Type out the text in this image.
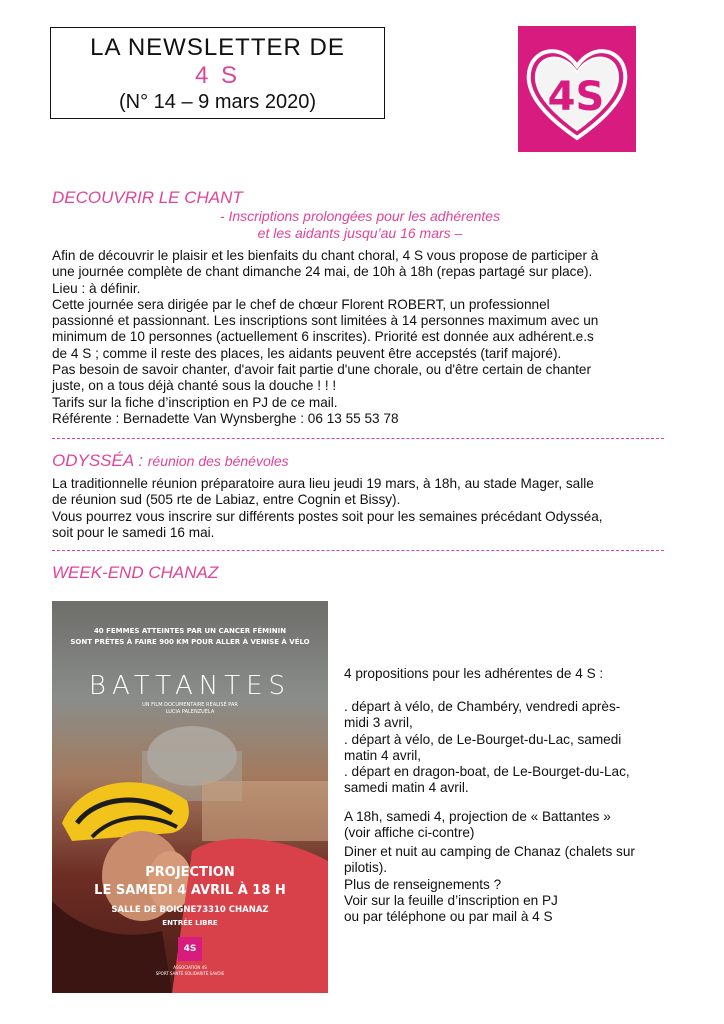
LA NEWSLETTER DE
4 S
(N° 14 – 9 mars 2020)	4S
DECOUVRIR LE CHANT
- Inscriptions prolongées pour les adhérentes
et les aidants jusqu’au 16 mars –
Afin de découvrir le plaisir et les bienfaits du chant choral, 4 S vous propose de participer à
une journée complète de chant dimanche 24 mai, de 10h à 18h (repas partagé sur place).
Lieu : à définir.
Cette journée sera dirigée par le chef de chœur Florent ROBERT, un professionnel
passionné et passionnant. Les inscriptions sont limitées à 14 personnes maximum avec un
minimum de 10 personnes (actuellement 6 inscrites). Priorité est donnée aux adhérent.e.s
de 4 S ; comme il reste des places, les aidants peuvent être accepstés (tarif majoré).
Pas besoin de savoir chanter, d'avoir fait partie d'une chorale, ou d'être certain de chanter
juste, on a tous déjà chanté sous la douche ! ! !
Tarifs sur la fiche d’inscription en PJ de ce mail.
Référente : Bernadette Van Wynsberghe : 06 13 55 53 78
ODYSSÉA : réunion des bénévoles
La traditionnelle réunion préparatoire aura lieu jeudi 19 mars, à 18h, au stade Mager, salle
de réunion sud (505 rte de Labiaz, entre Cognin et Bissy).
Vous pourrez vous inscrire sur différents postes soit pour les semaines précédant Odysséa,
soit pour le samedi 16 mai.
WEEK-END CHANAZ
40 FEMMES ATTEINTES PAR UN CANCER FÉMININ
SONT PRÊTES À FAIRE 900 KM POUR ALLER À VENISE À VÉLO
BATTANTES
UN FILM DOCUMENTAIRE RÉALISÉ PAR
LUCIA PALENZUELA
PROJECTION
LE SAMEDI 4 AVRIL À 18 H
SALLE DE BOIGNE73310 CHANAZ
ENTRÉE LIBRE
4S
ASSOCIATION 4S
SPORT SANTÉ SOLIDARITÉ SAVOIE
4 propositions pour les adhérentes de 4 S :
. départ à vélo, de Chambéry, vendredi après-
midi 3 avril,
. départ à vélo, de Le-Bourget-du-Lac, samedi
matin 4 avril,
. départ en dragon-boat, de Le-Bourget-du-Lac,
samedi matin 4 avril.
A 18h, samedi 4, projection de « Battantes »
(voir affiche ci-contre)
Diner et nuit au camping de Chanaz (chalets sur
pilotis).
Plus de renseignements ?
Voir sur la feuille d’inscription en PJ
ou par téléphone ou par mail à 4 S
